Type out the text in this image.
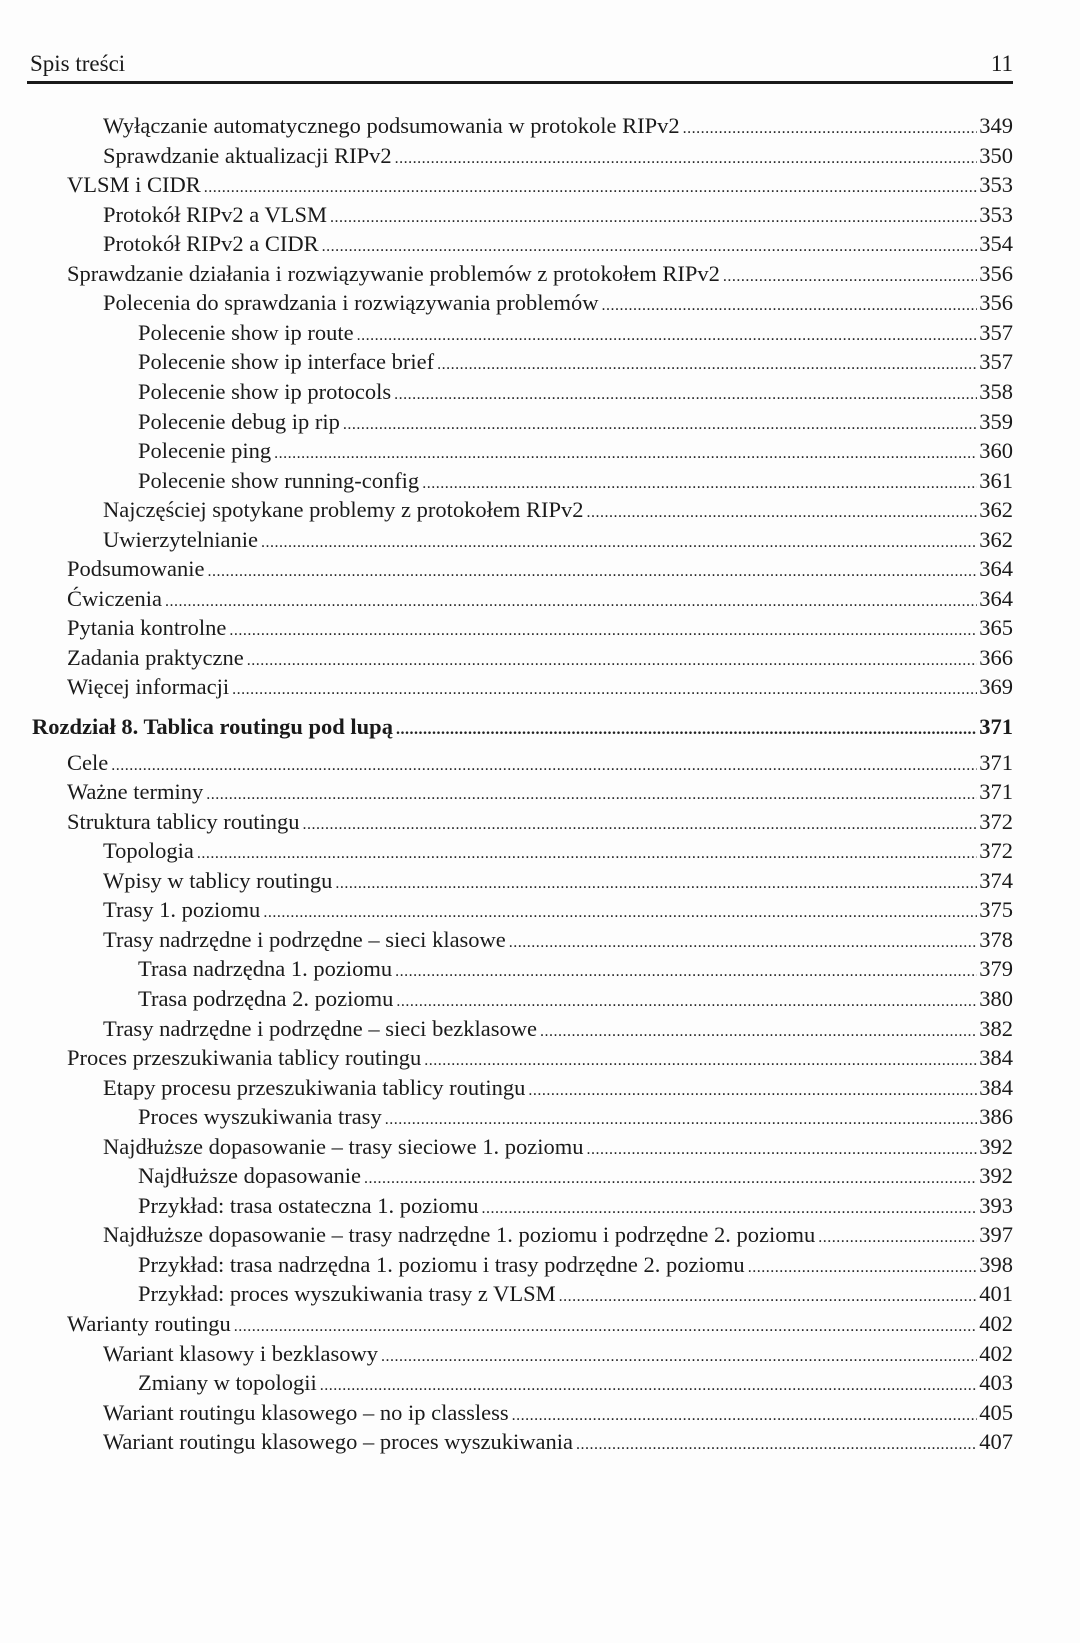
Spis treści	11
Wyłączanie automatycznego podsumowania w protokole RIPv2 .....	349
Sprawdzanie aktualizacji RIPv2 .....	350
VLSM i CIDR .....	353
Protokół RIPv2 a VLSM .....	353
Protokół RIPv2 a CIDR .....	354
Sprawdzanie działania i rozwiązywanie problemów z protokołem RIPv2 .....	356
Polecenia do sprawdzania i rozwiązywania problemów .....	356
Polecenie show ip route .....	357
Polecenie show ip interface brief .....	357
Polecenie show ip protocols .....	358
Polecenie debug ip rip .....	359
Polecenie ping .....	360
Polecenie show running-config .....	361
Najczęściej spotykane problemy z protokołem RIPv2 .....	362
Uwierzytelnianie .....	362
Podsumowanie .....	364
Ćwiczenia .....	364
Pytania kontrolne .....	365
Zadania praktyczne .....	366
Więcej informacji .....	369
Rozdział 8. Tablica routingu pod lupą .....	371
Cele .....	371
Ważne terminy .....	371
Struktura tablicy routingu .....	372
Topologia .....	372
Wpisy w tablicy routingu .....	374
Trasy 1. poziomu .....	375
Trasy nadrzędne i podrzędne – sieci klasowe .....	378
Trasa nadrzędna 1. poziomu .....	379
Trasa podrzędna 2. poziomu .....	380
Trasy nadrzędne i podrzędne – sieci bezklasowe .....	382
Proces przeszukiwania tablicy routingu .....	384
Etapy procesu przeszukiwania tablicy routingu .....	384
Proces wyszukiwania trasy .....	386
Najdłuższe dopasowanie – trasy sieciowe 1. poziomu .....	392
Najdłuższe dopasowanie .....	392
Przykład: trasa ostateczna 1. poziomu .....	393
Najdłuższe dopasowanie – trasy nadrzędne 1. poziomu i podrzędne 2. poziomu .....	397
Przykład: trasa nadrzędna 1. poziomu i trasy podrzędne 2. poziomu .....	398
Przykład: proces wyszukiwania trasy z VLSM .....	401
Warianty routingu .....	402
Wariant klasowy i bezklasowy .....	402
Zmiany w topologii .....	403
Wariant routingu klasowego – no ip classless .....	405
Wariant routingu klasowego – proces wyszukiwania .....	407
